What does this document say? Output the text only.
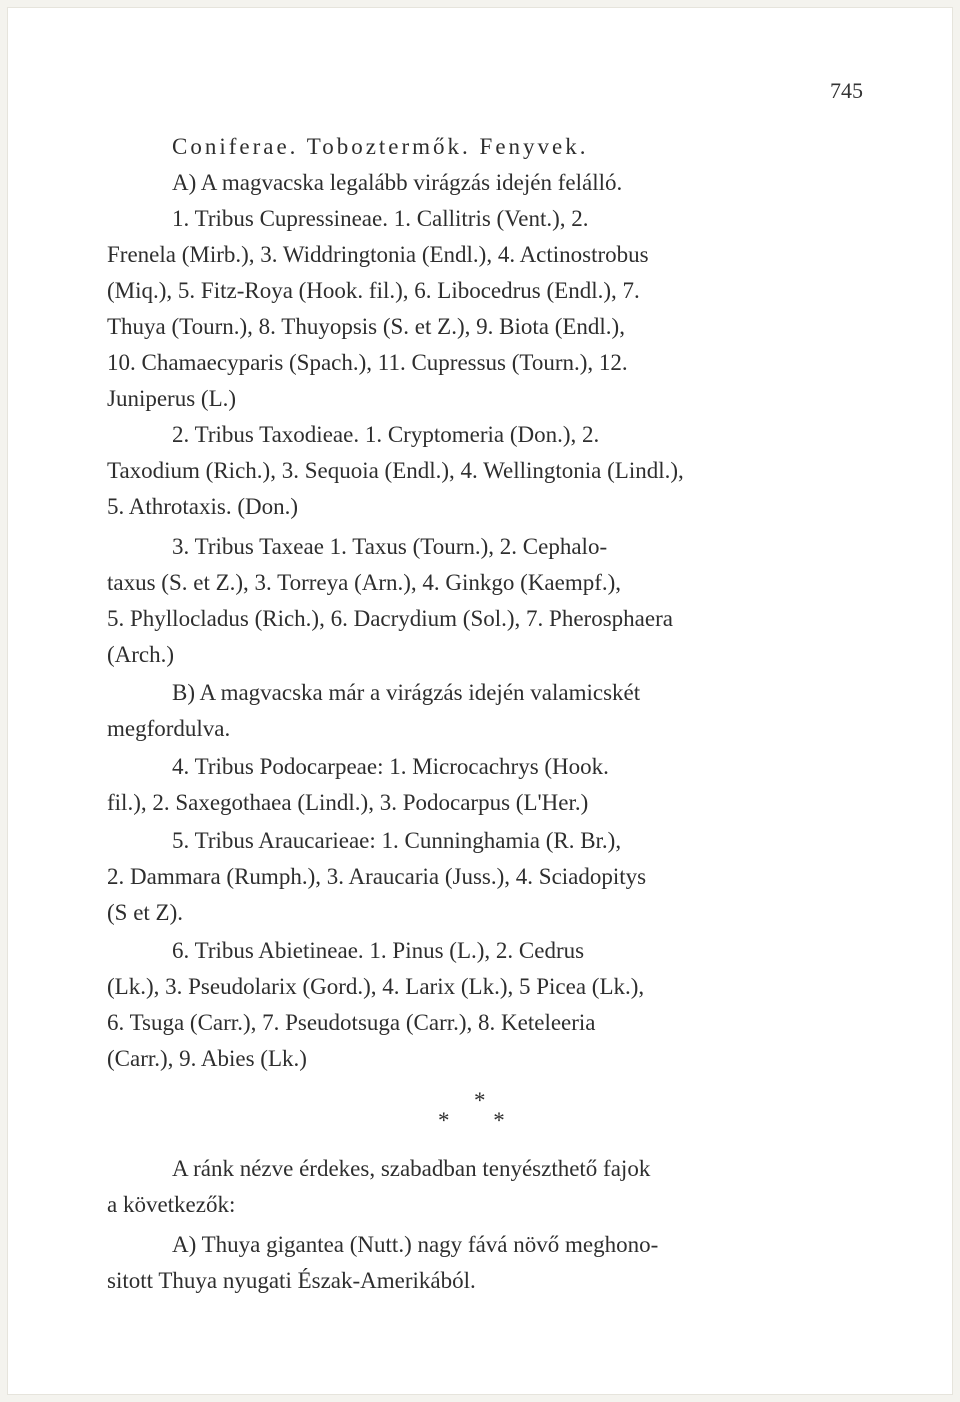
745
Coniferae. Toboztermők. Fenyvek.
A) A magvacska legalább virágzás idején felálló.
1. Tribus Cupressineae. 1. Callitris (Vent.), 2.
Frenela (Mirb.), 3. Widdringtonia (Endl.), 4. Actinostrobus
(Miq.), 5. Fitz-Roya (Hook. fil.), 6. Libocedrus (Endl.), 7.
Thuya (Tourn.), 8. Thuyopsis (S. et Z.), 9. Biota (Endl.),
10. Chamaecyparis (Spach.), 11. Cupressus (Tourn.), 12.
Juniperus (L.)
2. Tribus Taxodieae. 1. Cryptomeria (Don.), 2.
Taxodium (Rich.), 3. Sequoia (Endl.), 4. Wellingtonia (Lindl.),
5. Athrotaxis. (Don.)
3. Tribus Taxeae 1. Taxus (Tourn.), 2. Cephalo-
taxus (S. et Z.), 3. Torreya (Arn.), 4. Ginkgo (Kaempf.),
5. Phyllocladus (Rich.), 6. Dacrydium (Sol.), 7. Pherosphaera
(Arch.)
B) A magvacska már a virágzás idején valamicskét
megfordulva.
4. Tribus Podocarpeae: 1. Microcachrys (Hook.
fil.), 2. Saxegothaea (Lindl.), 3. Podocarpus (L'Her.)
5. Tribus Araucarieae: 1. Cunninghamia (R. Br.),
2. Dammara (Rumph.), 3. Araucaria (Juss.), 4. Sciadopitys
(S et Z).
6. Tribus Abietineae. 1. Pinus (L.), 2. Cedrus
(Lk.), 3. Pseudolarix (Gord.), 4. Larix (Lk.), 5 Picea (Lk.),
6. Tsuga (Carr.), 7. Pseudotsuga (Carr.), 8. Keteleeria
(Carr.), 9. Abies (Lk.)
*
* *
A ránk nézve érdekes, szabadban tenyészthető fajok
a következők:
A) Thuya gigantea (Nutt.) nagy fává növő meghono-
sitott Thuya nyugati Észak-Amerikából.
